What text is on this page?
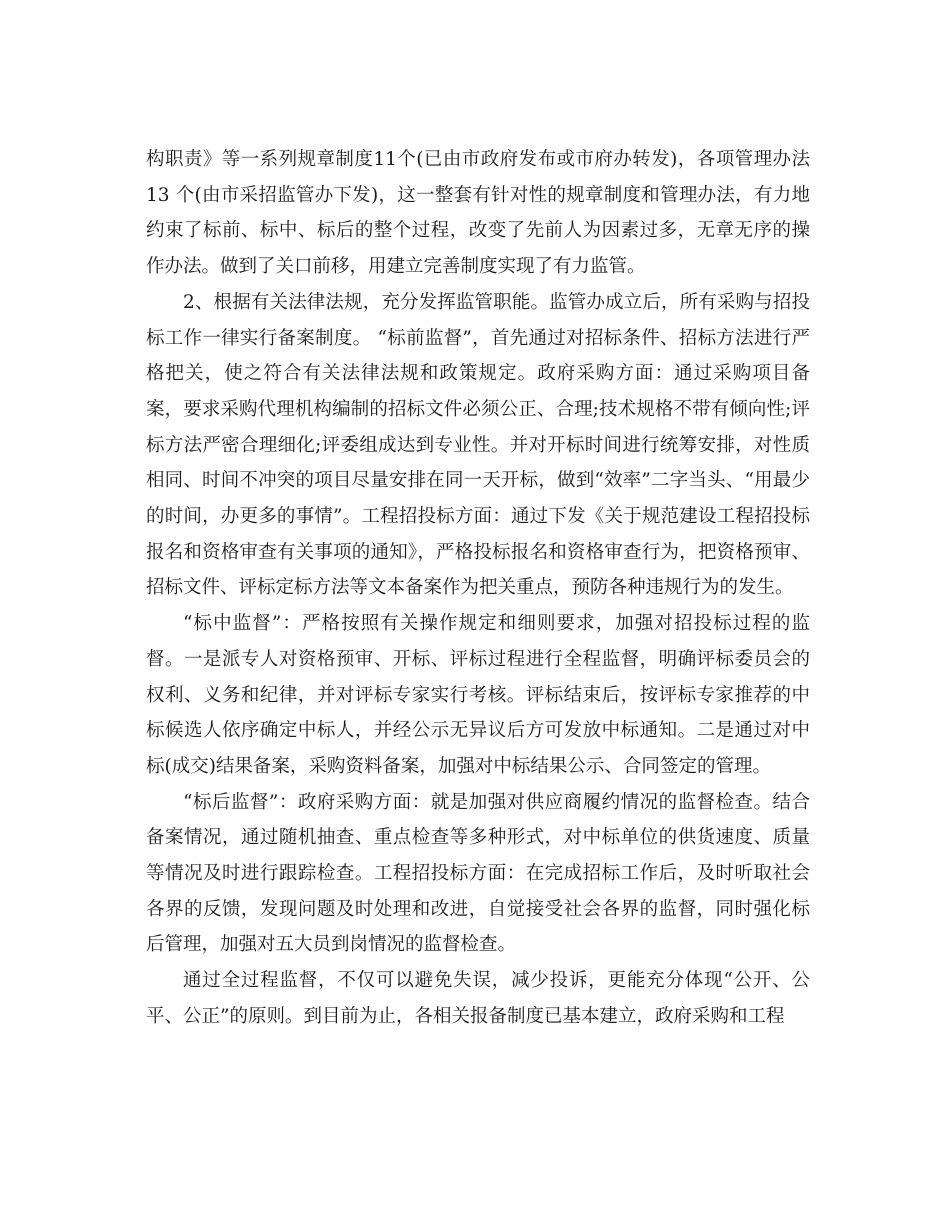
构职责》等一系列规章制度11个(已由市政府发布或市府办转发)，各项管理办法13 个(由市采招监管办下发)，这一整套有针对性的规章制度和管理办法，有力地约束了标前、标中、标后的整个过程，改变了先前人为因素过多，无章无序的操作办法。做到了关口前移，用建立完善制度实现了有力监管。

2、根据有关法律法规，充分发挥监管职能。监管办成立后，所有采购与招投标工作一律实行备案制度。 “标前监督”，首先通过对招标条件、招标方法进行严格把关，使之符合有关法律法规和政策规定。政府采购方面：通过采购项目备案，要求采购代理机构编制的招标文件必须公正、合理;技术规格不带有倾向性;评标方法严密合理细化;评委组成达到专业性。并对开标时间进行统筹安排，对性质相同、时间不冲突的项目尽量安排在同一天开标，做到“效率”二字当头、“用最少的时间，办更多的事情”。工程招投标方面：通过下发《关于规范建设工程招投标报名和资格审查有关事项的通知》，严格投标报名和资格审查行为，把资格预审、招标文件、评标定标方法等文本备案作为把关重点，预防各种违规行为的发生。

“标中监督”：严格按照有关操作规定和细则要求，加强对招投标过程的监督。一是派专人对资格预审、开标、评标过程进行全程监督，明确评标委员会的权利、义务和纪律，并对评标专家实行考核。评标结束后，按评标专家推荐的中标候选人依序确定中标人，并经公示无异议后方可发放中标通知。二是通过对中标(成交)结果备案，采购资料备案，加强对中标结果公示、合同签定的管理。

“标后监督”：政府采购方面：就是加强对供应商履约情况的监督检查。结合备案情况，通过随机抽查、重点检查等多种形式，对中标单位的供货速度、质量等情况及时进行跟踪检查。工程招投标方面：在完成招标工作后，及时听取社会各界的反馈，发现问题及时处理和改进，自觉接受社会各界的监督，同时强化标后管理，加强对五大员到岗情况的监督检查。

通过全过程监督，不仅可以避免失误，减少投诉，更能充分体现“公开、公平、公正”的原则。到目前为止，各相关报备制度已基本建立，政府采购和工程
